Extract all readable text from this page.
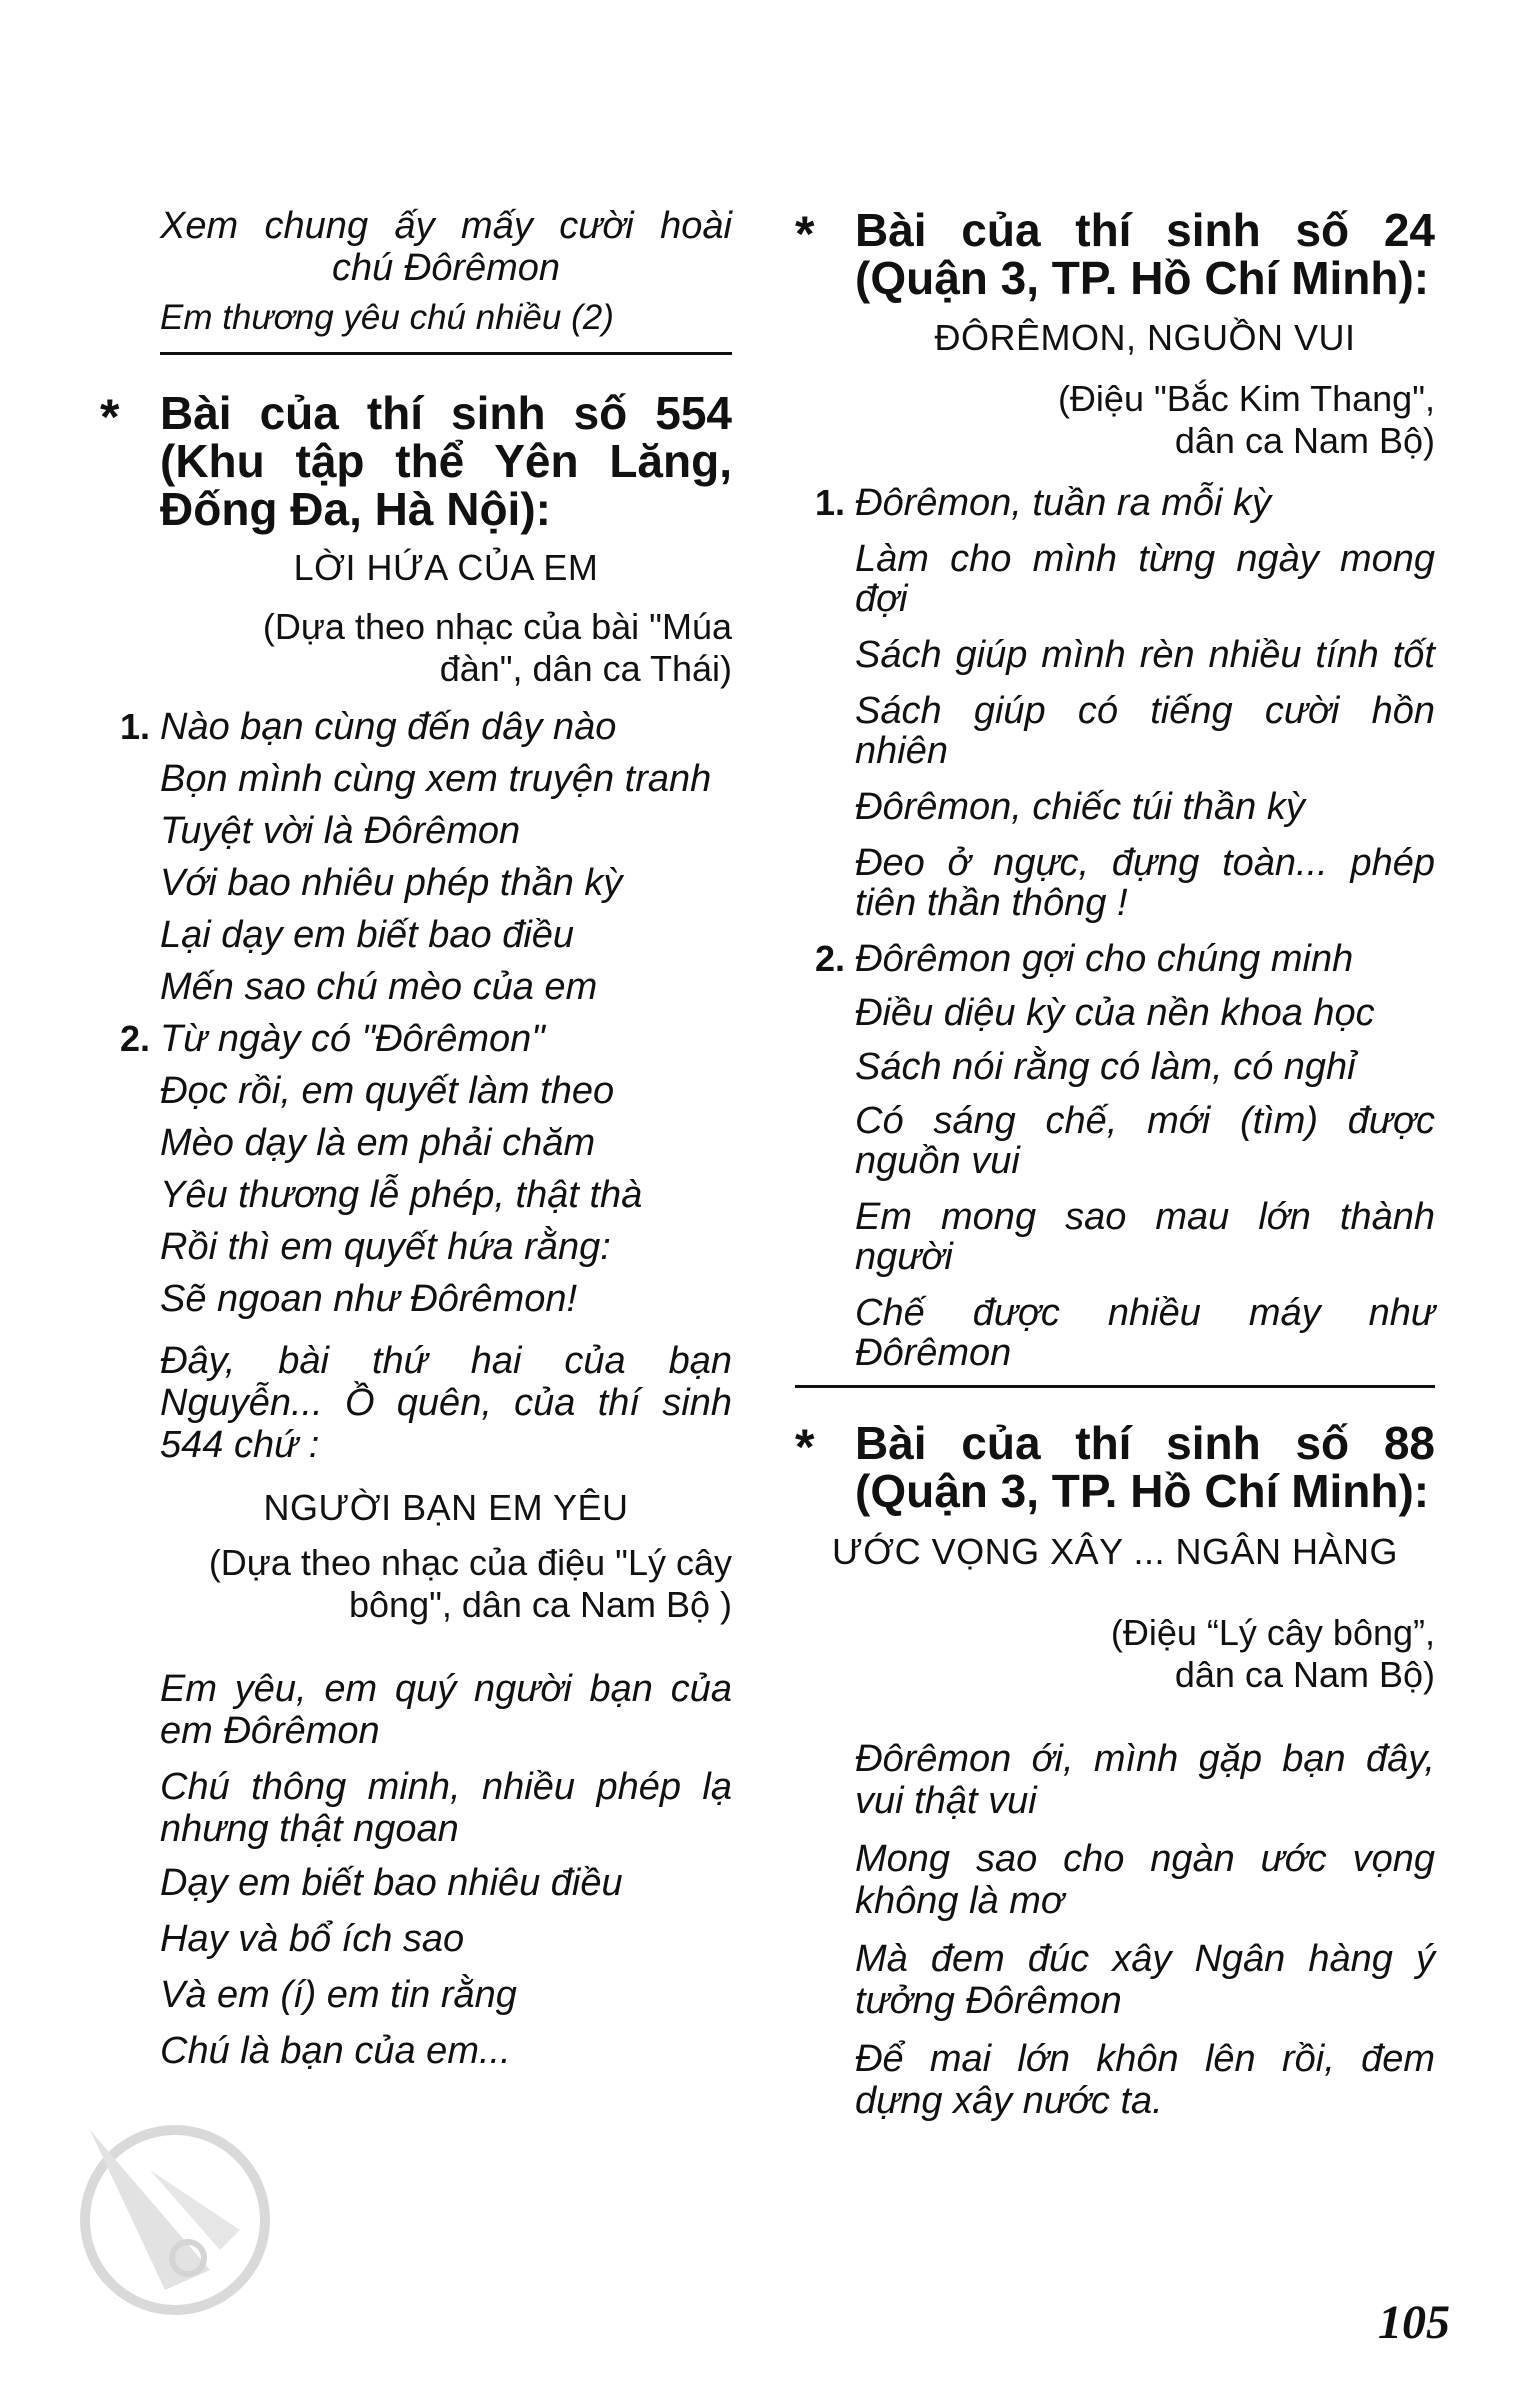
Xem chung ấy mấy cười hoài
chú Đôrêmon
Em thương yêu chú nhiều (2)
* Bài của thí sinh số 554
(Khu tập thể Yên Lăng,
Đống Đa, Hà Nội):
LỜI HỨA CỦA EM
(Dựa theo nhạc của bài "Múa
đàn", dân ca Thái)
1. Nào bạn cùng đến dây nào
Bọn mình cùng xem truyện tranh
Tuyệt vời là Đôrêmon
Với bao nhiêu phép thần kỳ
Lại dạy em biết bao điều
Mến sao chú mèo của em
2. Từ ngày có "Đôrêmon"
Đọc rồi, em quyết làm theo
Mèo dạy là em phải chăm
Yêu thương lễ phép, thật thà
Rồi thì em quyết hứa rằng:
Sẽ ngoan như Đôrêmon!
Đây, bài thứ hai của bạn
Nguyễn... Ồ quên, của thí sinh
544 chứ :
NGƯỜI BẠN EM YÊU
(Dựa theo nhạc của điệu "Lý cây
bông", dân ca Nam Bộ )
Em yêu, em quý người bạn của
em Đôrêmon
Chú thông minh, nhiều phép lạ
nhưng thật ngoan
Dạy em biết bao nhiêu điều
Hay và bổ ích sao
Và em (í) em tin rằng
Chú là bạn của em...
* Bài của thí sinh số 24
(Quận 3, TP. Hồ Chí Minh):
ĐÔRÊMON, NGUỒN VUI
(Điệu "Bắc Kim Thang",
dân ca Nam Bộ)
1. Đôrêmon, tuần ra mỗi kỳ
Làm cho mình từng ngày mong
đợi
Sách giúp mình rèn nhiều tính tốt
Sách giúp có tiếng cười hồn
nhiên
Đôrêmon, chiếc túi thần kỳ
Đeo ở ngực, đựng toàn... phép
tiên thần thông !
2. Đôrêmon gợi cho chúng minh
Điều diệu kỳ của nền khoa học
Sách nói rằng có làm, có nghỉ
Có sáng chế, mới (tìm) được
nguồn vui
Em mong sao mau lớn thành
người
Chế được nhiều máy như
Đôrêmon
* Bài của thí sinh số 88
(Quận 3, TP. Hồ Chí Minh):
ƯỚC VỌNG XÂY ... NGÂN HÀNG
(Điệu “Lý cây bông”,
dân ca Nam Bộ)
Đôrêmon ới, mình gặp bạn đây,
vui thật vui
Mong sao cho ngàn ước vọng
không là mơ
Mà đem đúc xây Ngân hàng ý
tưởng Đôrêmon
Để mai lớn khôn lên rồi, đem
dựng xây nước ta.
105
